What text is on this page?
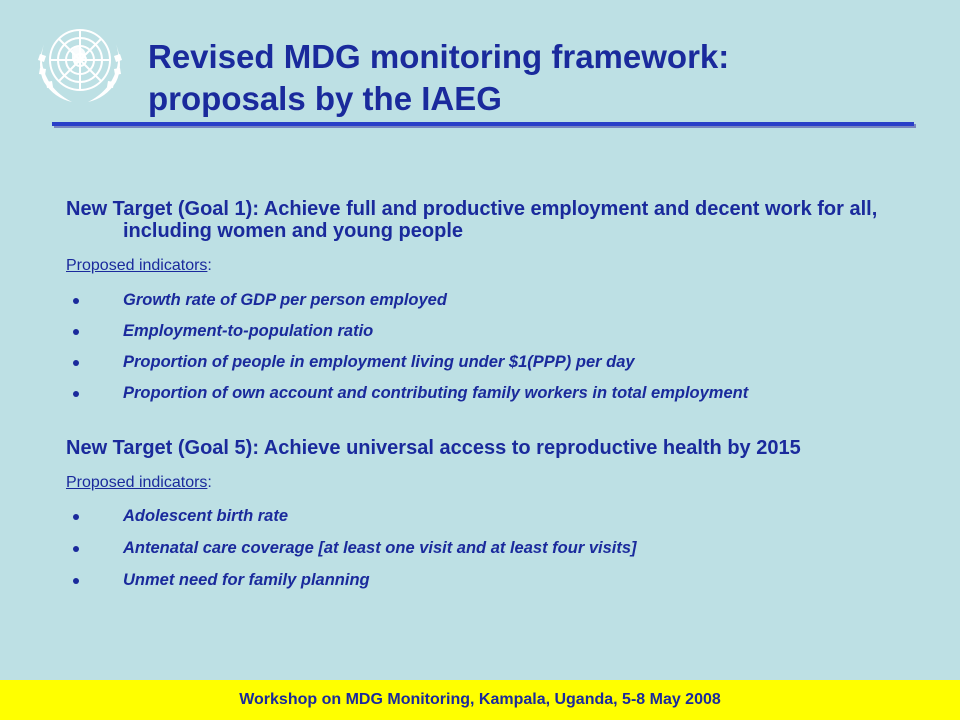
Revised MDG monitoring framework:
proposals by the IAEG
New Target (Goal 1): Achieve full and productive employment and decent work for all, including women and young people
Proposed indicators:
Growth rate of GDP per person employed
Employment-to-population ratio
Proportion of people in employment living under $1(PPP) per day
Proportion of own account and contributing family workers in total employment
New Target (Goal 5): Achieve universal access to reproductive health by 2015
Proposed indicators:
Adolescent birth rate
Antenatal care coverage [at least one visit and at least four visits]
Unmet need for family planning
Workshop on MDG Monitoring, Kampala, Uganda, 5-8 May 2008
